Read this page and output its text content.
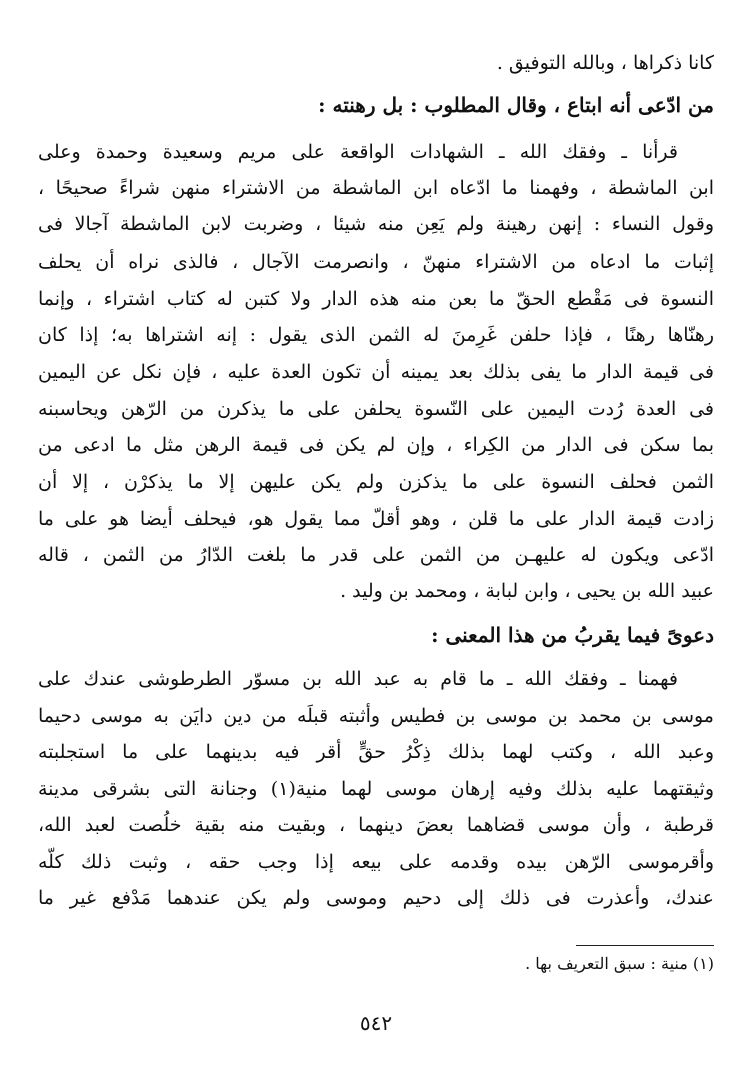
كانا ذكراها ، وبالله التوفيق .
من ادّعى أنه ابتاع ، وقال المطلوب : بل رهنته :
قرأنا ـ وفقك الله ـ الشهادات الواقعة على مريم وسعيدة وحمدة وعلى
ابن الماشطة ، وفهمنا ما ادّعاه ابن الماشطة من الاشتراء منهن شراءً صحيحًا ،
وقول النساء : إنهن رهينة ولم يَعِن منه شيئا ، وضربت لابن الماشطة آجالا فى
إثبات ما ادعاه من الاشتراء منهنّ ، وانصرمت الآجال ، فالذى نراه أن يحلف
النسوة فى مَقْطع الحقّ ما بعن منه هذه الدار ولا كتبن له كتاب اشتراء ، وإنما
رهنّاها رهنًا ، فإذا حلفن غَرِمنَ له الثمن الذى يقول : إنه اشتراها به؛ إذا كان
فى قيمة الدار ما يفى بذلك بعد يمينه أن تكون العدة عليه ، فإن نكل عن اليمين
فى العدة رُدت اليمين على النّسوة يحلفن على ما يذكرن من الرّهن ويحاسبنه
بما سكن فى الدار من الكِراء ، وإن لم يكن فى قيمة الرهن مثل ما ادعى من
الثمن فحلف النسوة على ما يذكزن ولم يكن عليهن إلا ما يذكرْن ، إلا أن
زادت قيمة الدار على ما قلن ، وهو أقلّ مما يقول هو، فيحلف أيضا هو على ما
ادّعى ويكون له عليهـن من الثمن على قدر ما بلغت الدّارُ من الثمن ، قاله
عبيد الله بن يحيى ، وابن لبابة ، ومحمد بن وليد .
دعوىً فيما يقربُ من هذا المعنى :
فهمنا ـ وفقك الله ـ ما قام به عبد الله بن مسوّر الطرطوشى عندك على
موسى بن محمد بن موسى بن فطيس وأثبته قبلَه من دين دايَن به موسى دحيما
وعبد الله ، وكتب لهما بذلك ذِكْرُ حقٍّ أقر فيه بدينهما على ما استجلبته
وثيقتهما عليه بذلك وفيه إرهان موسى لهما منية(١) وجنانة التى بشرقى مدينة
قرطبة ، وأن موسى قضاهما بعضَ دينهما ، وبقيت منه بقية خلُصت لعبد الله،
وأقرموسى الرّهن بيده وقدمه على بيعه إذا وجب حقه ، وثبت ذلك كلّه
عندك، وأعذرت فى ذلك إلى دحيم وموسى ولم يكن عندهما مَدْفع غير ما
(١) منية : سبق التعريف بها .
٥٤٢
